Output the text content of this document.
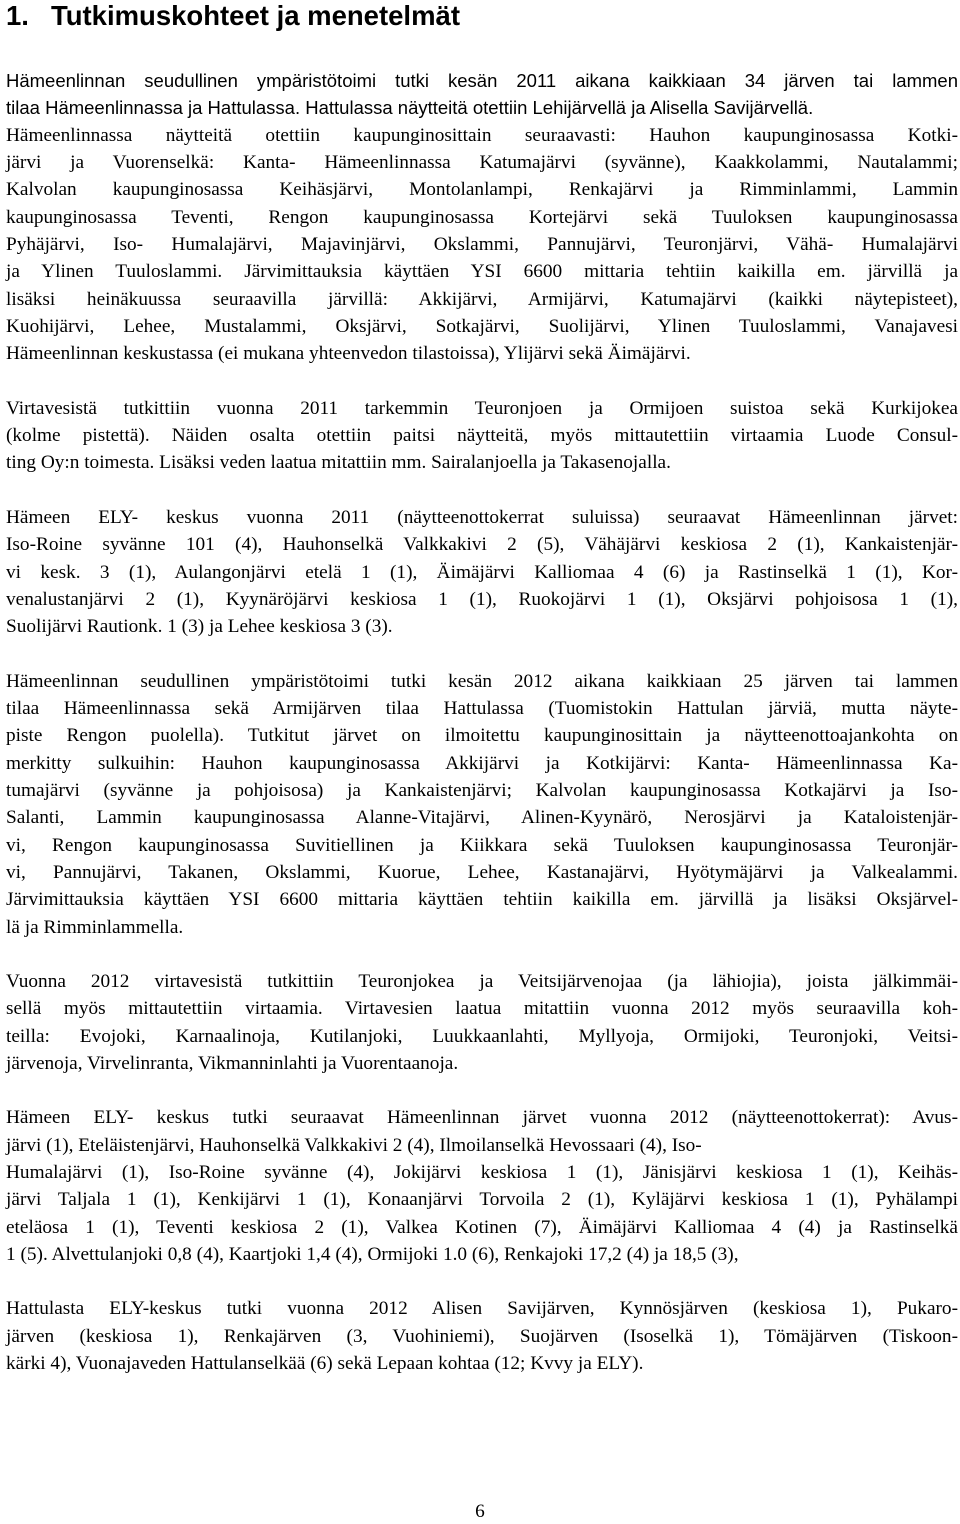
1. Tutkimuskohteet ja menetelmät
Hämeenlinnan seudullinen ympäristötoimi tutki kesän 2011 aikana kaikkiaan 34 järven tai lammen
tilaa Hämeenlinnassa ja Hattulassa. Hattulassa näytteitä otettiin Lehijärvellä ja Alisella Savijärvellä.
Hämeenlinnassa näytteitä otettiin kaupunginosittain seuraavasti: Hauhon kaupunginosassa Kotki-
järvi ja Vuorenselkä: Kanta- Hämeenlinnassa Katumajärvi (syvänne), Kaakkolammi, Nautalammi;
Kalvolan kaupunginosassa Keihäsjärvi, Montolanlampi, Renkajärvi ja Rimminlammi, Lammin
kaupunginosassa Teventi, Rengon kaupunginosassa Kortejärvi sekä Tuuloksen kaupunginosassa
Pyhäjärvi, Iso- Humalajärvi, Majavinjärvi, Okslammi, Pannujärvi, Teuronjärvi, Vähä- Humalajärvi
ja Ylinen Tuuloslammi. Järvimittauksia käyttäen YSI 6600 mittaria tehtiin kaikilla em. järvillä ja
lisäksi heinäkuussa seuraavilla järvillä: Akkijärvi, Armijärvi, Katumajärvi (kaikki näytepisteet),
Kuohijärvi, Lehee, Mustalammi, Oksjärvi, Sotkajärvi, Suolijärvi, Ylinen Tuuloslammi, Vanajavesi
Hämeenlinnan keskustassa (ei mukana yhteenvedon tilastoissa), Ylijärvi sekä Äimäjärvi.
Virtavesistä tutkittiin vuonna 2011 tarkemmin Teuronjoen ja Ormijoen suistoa sekä Kurkijokea
(kolme pistettä). Näiden osalta otettiin paitsi näytteitä, myös mittautettiin virtaamia Luode Consul-
ting Oy:n toimesta. Lisäksi veden laatua mitattiin mm. Sairalanjoella ja Takasenojalla.
Hämeen ELY- keskus vuonna 2011 (näytteenottokerrat suluissa) seuraavat Hämeenlinnan järvet:
Iso-Roine syvänne 101 (4), Hauhonselkä Valkkakivi 2 (5), Vähäjärvi keskiosa 2 (1), Kankaistenjär-
vi kesk. 3 (1), Aulangonjärvi etelä 1 (1), Äimäjärvi Kalliomaa 4 (6) ja Rastinselkä 1 (1), Kor-
venalustanjärvi 2 (1), Kyynäröjärvi keskiosa 1 (1), Ruokojärvi 1 (1), Oksjärvi pohjoisosa 1 (1),
Suolijärvi Rautionk. 1 (3) ja Lehee keskiosa 3 (3).
Hämeenlinnan seudullinen ympäristötoimi tutki kesän 2012 aikana kaikkiaan 25 järven tai lammen
tilaa Hämeenlinnassa sekä Armijärven tilaa Hattulassa (Tuomistokin Hattulan järviä, mutta näyte-
piste Rengon puolella). Tutkitut järvet on ilmoitettu kaupunginosittain ja näytteenottoajankohta on
merkitty sulkuihin: Hauhon kaupunginosassa Akkijärvi ja Kotkijärvi: Kanta- Hämeenlinnassa Ka-
tumajärvi (syvänne ja pohjoisosa) ja Kankaistenjärvi; Kalvolan kaupunginosassa Kotkajärvi ja Iso-
Salanti, Lammin kaupunginosassa Alanne-Vitajärvi, Alinen-Kyynärö, Nerosjärvi ja Kataloistenjär-
vi, Rengon kaupunginosassa Suvitiellinen ja Kiikkara sekä Tuuloksen kaupunginosassa Teuronjär-
vi, Pannujärvi, Takanen, Okslammi, Kuorue, Lehee, Kastanajärvi, Hyötymäjärvi ja Valkealammi.
Järvimittauksia käyttäen YSI 6600 mittaria käyttäen tehtiin kaikilla em. järvillä ja lisäksi Oksjärvel-
lä ja Rimminlammella.
Vuonna 2012 virtavesistä tutkittiin Teuronjokea ja Veitsijärvenojaa (ja lähiojia), joista jälkimmäi-
sellä myös mittautettiin virtaamia. Virtavesien laatua mitattiin vuonna 2012 myös seuraavilla koh-
teilla: Evojoki, Karnaalinoja, Kutilanjoki, Luukkaanlahti, Myllyoja, Ormijoki, Teuronjoki, Veitsi-
järvenoja, Virvelinranta, Vikmanninlahti ja Vuorentaanoja.
Hämeen ELY- keskus tutki seuraavat Hämeenlinnan järvet vuonna 2012 (näytteenottokerrat): Avus-
järvi (1), Eteläistenjärvi, Hauhonselkä Valkkakivi 2 (4), Ilmoilanselkä Hevossaari (4), Iso-
Humalajärvi (1), Iso-Roine syvänne (4), Jokijärvi keskiosa 1 (1), Jänisjärvi keskiosa 1 (1), Keihäs-
järvi Taljala 1 (1), Kenkijärvi 1 (1), Konaanjärvi Torvoila 2 (1), Kyläjärvi keskiosa 1 (1), Pyhälampi
eteläosa 1 (1), Teventi keskiosa 2 (1), Valkea Kotinen (7), Äimäjärvi Kalliomaa 4 (4) ja Rastinselkä
1 (5). Alvettulanjoki 0,8 (4), Kaartjoki 1,4 (4), Ormijoki 1.0 (6), Renkajoki 17,2 (4) ja 18,5 (3),
Hattulasta ELY-keskus tutki vuonna 2012 Alisen Savijärven, Kynnösjärven (keskiosa 1), Pukaro-
järven (keskiosa 1), Renkajärven (3, Vuohiniemi), Suojärven (Isoselkä 1), Tömäjärven (Tiskoon-
kärki 4), Vuonajaveden Hattulanselkää (6) sekä Lepaan kohtaa (12; Kvvy ja ELY).
6
